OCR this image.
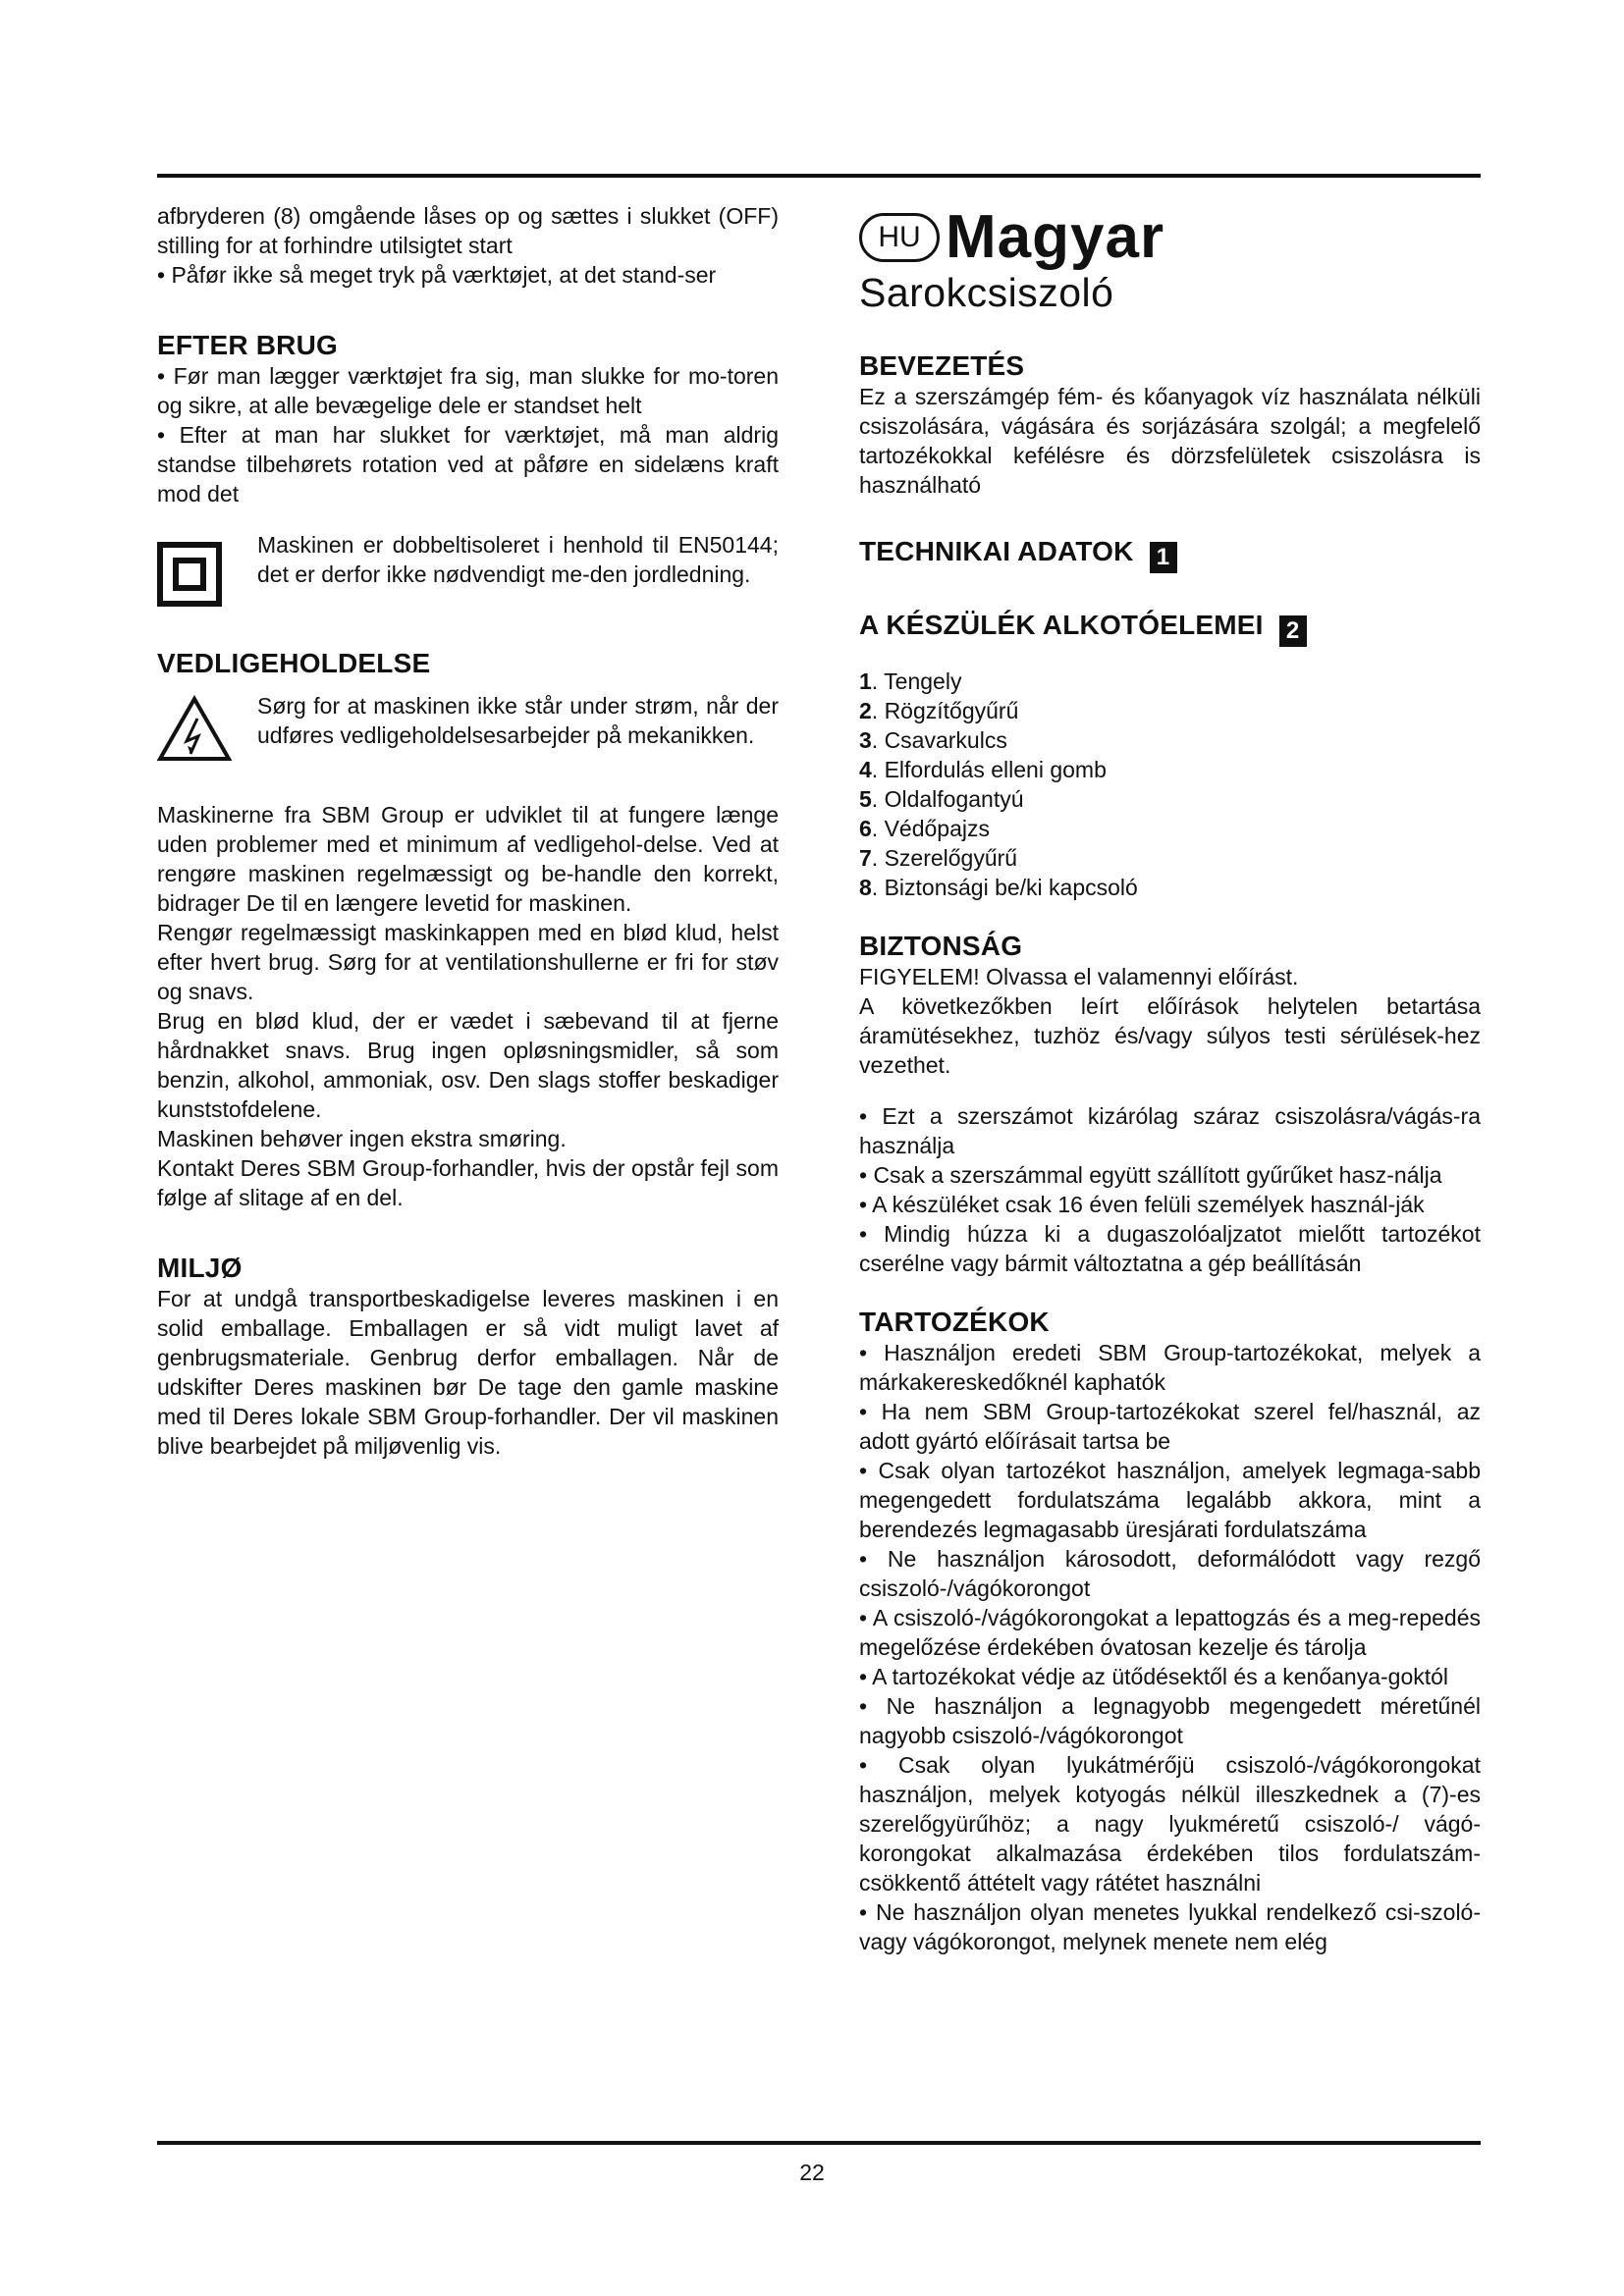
afbryderen (8) omgående låses op og sættes i slukket (OFF) stilling for at forhindre utilsigtet start

• Påfør ikke så meget tryk på værktøjet, at det stand-ser

EFTER BRUG

• Før man lægger værktøjet fra sig, man slukke for mo-toren og sikre, at alle bevægelige dele er standset helt

• Efter at man har slukket for værktøjet, må man aldrig standse tilbehørets rotation ved at påføre en sidelæns kraft mod det

Maskinen er dobbeltisoleret i henhold til EN50144; det er derfor ikke nødvendigt me-den jordledning.
VEDLIGEHOLDELSE
Sørg for at maskinen ikke står under strøm, når der udføres vedligeholdelsesarbejder på mekanikken.

Maskinerne fra SBM Group er udviklet til at fungere længe uden problemer med et minimum af vedligehol-delse. Ved at rengøre maskinen regelmæssigt og be-handle den korrekt, bidrager De til en længere levetid for maskinen.

Rengør regelmæssigt maskinkappen med en blød klud, helst efter hvert brug. Sørg for at ventilationshullerne er fri for støv og snavs.

Brug en blød klud, der er vædet i sæbevand til at fjerne hårdnakket snavs. Brug ingen opløsningsmidler, så som benzin, alkohol, ammoniak, osv. Den slags stoffer beskadiger kunststofdelene.

Maskinen behøver ingen ekstra smøring.

Kontakt Deres SBM Group-forhandler, hvis der opstår fejl som følge af slitage af en del.

MILJØ

For at undgå transportbeskadigelse leveres maskinen i en solid emballage. Emballagen er så vidt muligt lavet af genbrugsmateriale. Genbrug derfor emballagen. Når de udskifter Deres maskinen bør De tage den gamle maskine med til Deres lokale SBM Group-forhandler. Der vil maskinen blive bearbejdet på miljøvenlig vis.

HU Magyar
Sarokcsiszoló
BEVEZETÉS

Ez a szerszámgép fém- és kőanyagok víz használata nélküli csiszolására, vágására és sorjázására szolgál; a megfelelő tartozékokkal kefélésre és dörzsfelületek csiszolásra is használható

TECHNIKAI ADATOK 1
A KÉSZÜLÉK ALKOTÓELEMEI 2
1. Tengely
2. Rögzítőgyűrű
3. Csavarkulcs
4. Elfordulás elleni gomb
5. Oldalfogantyú
6. Védőpajzs
7. Szerelőgyűrű
8. Biztonsági be/ki kapcsoló
BIZTONSÁG

FIGYELEM! Olvassa el valamennyi előírást.

A következőkben leírt előírások helytelen betartása áramütésekhez, tuzhöz és/vagy súlyos testi sérülések-hez vezethet.

• Ezt a szerszámot kizárólag száraz csiszolásra/vágás-ra használja

• Csak a szerszámmal együtt szállított gyűrűket hasz-nálja

• A készüléket csak 16 éven felüli személyek használ-ják

• Mindig húzza ki a dugaszolóaljzatot mielőtt tartozékot cserélne vagy bármit változtatna a gép beállításán

TARTOZÉKOK

• Használjon eredeti SBM Group-tartozékokat, melyek a márkakereskedőknél kaphatók

• Ha nem SBM Group-tartozékokat szerel fel/használ, az adott gyártó előírásait tartsa be

• Csak olyan tartozékot használjon, amelyek legmaga-sabb megengedett fordulatszáma legalább akkora, mint a berendezés legmagasabb üresjárati fordulatszáma

• Ne használjon károsodott, deformálódott vagy rezgő csiszoló-/vágókorongot

• A csiszoló-/vágókorongokat a lepattogzás és a meg-repedés megelőzése érdekében óvatosan kezelje és tárolja

• A tartozékokat védje az ütődésektől és a kenőanya-goktól

• Ne használjon a legnagyobb megengedett méretűnél nagyobb csiszoló-/vágókorongot

• Csak olyan lyukátmérőjü csiszoló-/vágókorongokat használjon, melyek kotyogás nélkül illeszkednek a (7)-es szerelőgyürűhöz; a nagy lyukméretű csiszoló-/ vágó-korongokat alkalmazása érdekében tilos fordulatszám-csökkentő áttételt vagy rátétet használni

• Ne használjon olyan menetes lyukkal rendelkező csi-szoló- vagy vágókorongot, melynek menete nem elég

22
